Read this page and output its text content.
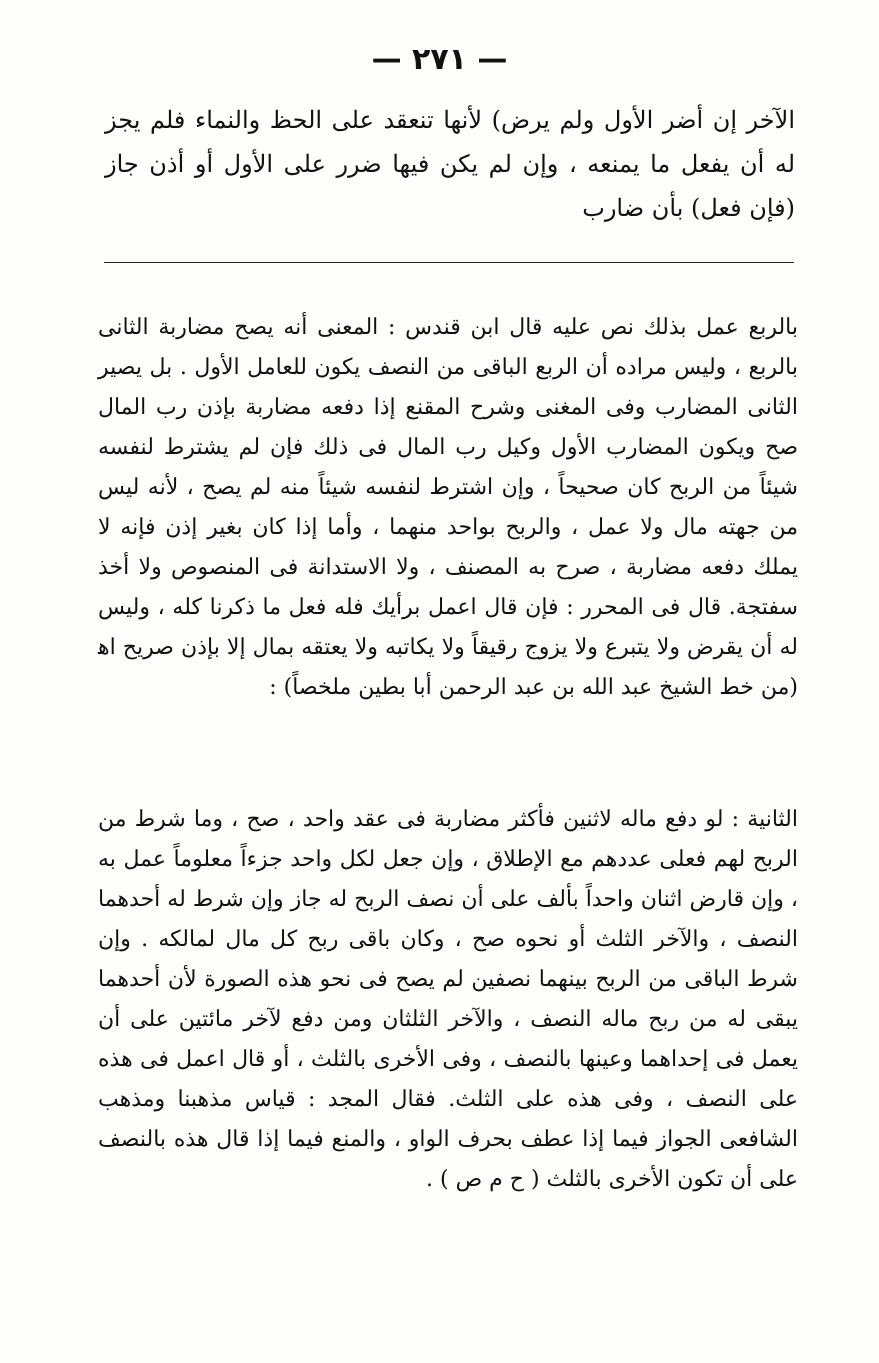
— ٢٧١ —

الآخر إن أضر الأول ولم يرض) لأنها تنعقد على الحظ والنماء فلم يجز له أن يفعل ما يمنعه ، وإن لم يكن فيها ضرر على الأول أو أذن جاز (فإن فعل) بأن ضارب

بالربع عمل بذلك نص عليه قال ابن قندس : المعنى أنه يصح مضاربة الثانى بالربع ، وليس مراده أن الربع الباقى من النصف يكون للعامل الأول . بل يصير الثانى المضارب وفى المغنى وشرح المقنع إذا دفعه مضاربة بإذن رب المال صح ويكون المضارب الأول وكيل رب المال فى ذلك فإن لم يشترط لنفسه شيئاً من الربح كان صحيحاً ، وإن اشترط لنفسه شيئاً منه لم يصح ، لأنه ليس من جهته مال ولا عمل ، والربح بواحد منهما ، وأما إذا كان بغير إذن فإنه لا يملك دفعه مضاربة ، صرح به المصنف ، ولا الاستدانة فى المنصوص ولا أخذ سفتجة. قال فى المحرر : فإن قال اعمل برأيك فله فعل ما ذكرنا كله ، وليس له أن يقرض ولا يتبرع ولا يزوج رقيقاً ولا يكاتبه ولا يعتقه بمال إلا بإذن صريح اه‍ (من خط الشيخ عبد الله بن عبد الرحمن أبا بطين ملخصاً) :

الثانية : لو دفع ماله لاثنين فأكثر مضاربة فى عقد واحد ، صح ، وما شرط من الربح لهم فعلى عددهم مع الإطلاق ، وإن جعل لكل واحد جزءاً معلوماً عمل به ، وإن قارض اثنان واحداً بألف على أن نصف الربح له جاز وإن شرط له أحدهما النصف ، والآخر الثلث أو نحوه صح ، وكان باقى ربح كل مال لمالكه . وإن شرط الباقى من الربح بينهما نصفين لم يصح فى نحو هذه الصورة لأن أحدهما يبقى له من ربح ماله النصف ، والآخر الثلثان ومن دفع لآخر مائتين على أن يعمل فى إحداهما وعينها بالنصف ، وفى الأخرى بالثلث ، أو قال اعمل فى هذه على النصف ، وفى هذه على الثلث. فقال المجد : قياس مذهبنا ومذهب الشافعى الجواز فيما إذا عطف بحرف الواو ، والمنع فيما إذا قال هذه بالنصف على أن تكون الأخرى بالثلث ( ح م ص ) .
